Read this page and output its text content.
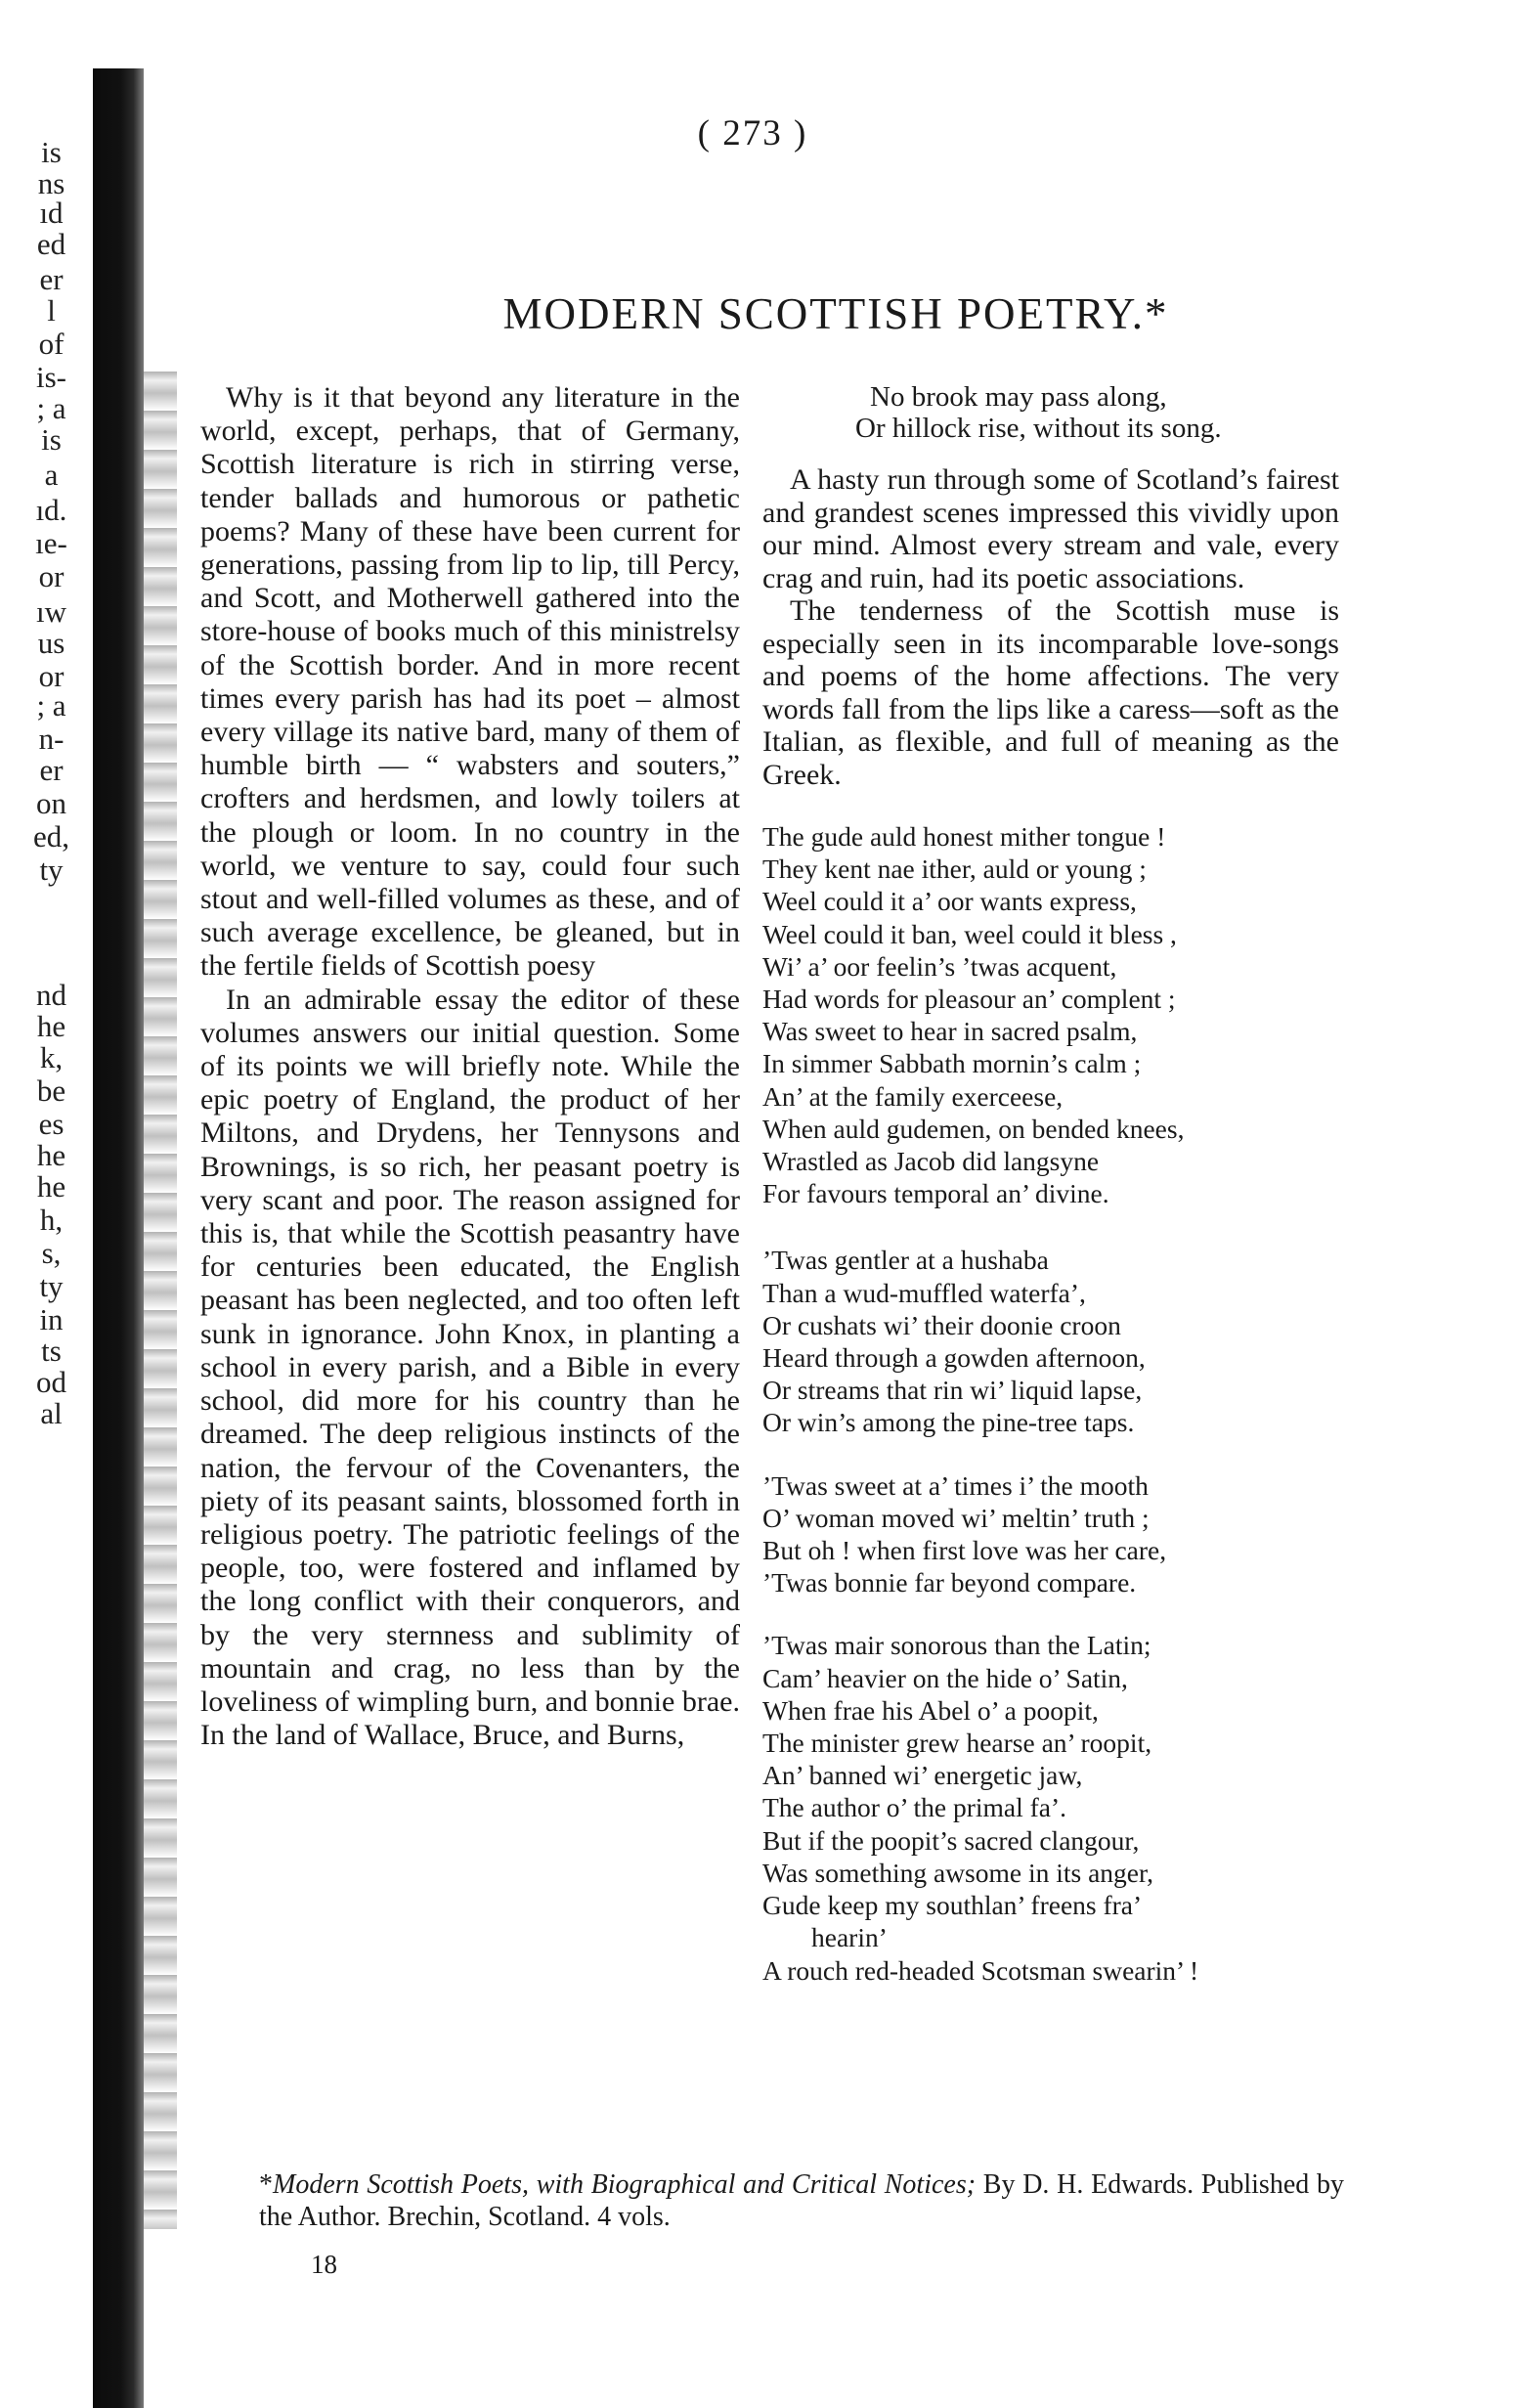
is
ns
ıd
ed
er
l
of
is-
; a
is
a
ıd.
ıe-
or
ıw
us
or
; a
n-
er
on
ed,
ty
nd
he
k,
be
es
he
he
h,
s,
ty
in
ts
od
al
( 273 )
MODERN SCOTTISH POETRY.*

Why is it that beyond any literature in the world, except, perhaps, that of Germany, Scottish literature is rich in stirring verse, tender ballads and humorous or pathetic poems? Many of these have been current for generations, passing from lip to lip, till Percy, and Scott, and Motherwell gathered into the store-house of books much of this ministrelsy of the Scottish border. And in more recent times every parish has had its poet – almost every village its native bard, many of them of humble birth — “ wabsters and souters,” crofters and herdsmen, and lowly toilers at the plough or loom. In no country in the world, we venture to say, could four such stout and well-filled volumes as these, and of such average excellence, be gleaned, but in the fertile fields of Scottish poesy

In an admirable essay the editor of these volumes answers our initial question. Some of its points we will briefly note. While the epic poetry of England, the product of her Miltons, and Drydens, her Tennysons and Brownings, is so rich, her peasant poetry is very scant and poor. The reason assigned for this is, that while the Scottish peasantry have for centuries been educated, the English peasant has been neglected, and too often left sunk in ignorance. John Knox, in planting a school in every parish, and a Bible in every school, did more for his country than he dreamed. The deep religious instincts of the nation, the fervour of the Covenanters, the piety of its peasant saints, blossomed forth in religious poetry. The patriotic feelings of the people, too, were fostered and inflamed by the long conflict with their conquerors, and by the very sternness and sublimity of mountain and crag, no less than by the loveliness of wimpling burn, and bonnie brae. In the land of Wallace, Bruce, and Burns,

No brook may pass along,
Or hillock rise, without its song.

A hasty run through some of Scotland’s fairest and grandest scenes impressed this vividly upon our mind. Almost every stream and vale, every crag and ruin, had its poetic associations.

The tenderness of the Scottish muse is especially seen in its incomparable love-songs and poems of the home affections. The very words fall from the lips like a caress—soft as the Italian, as flexible, and full of meaning as the Greek.

The gude auld honest mither tongue !
They kent nae ither, auld or young ;
Weel could it a’ oor wants express,
Weel could it ban, weel could it bless ,
Wi’ a’ oor feelin’s ’twas acquent,
Had words for pleasour an’ complent ;
Was sweet to hear in sacred psalm,
In simmer Sabbath mornin’s calm ;
An’ at the family exerceese,
When auld gudemen, on bended knees,
Wrastled as Jacob did langsyne
For favours temporal an’ divine.
’Twas gentler at a hushaba
Than a wud-muffled waterfa’,
Or cushats wi’ their doonie croon
Heard through a gowden afternoon,
Or streams that rin wi’ liquid lapse,
Or win’s among the pine-tree taps.
’Twas sweet at a’ times i’ the mooth
O’ woman moved wi’ meltin’ truth ;
But oh ! when first love was her care,
’Twas bonnie far beyond compare.
’Twas mair sonorous than the Latin;
Cam’ heavier on the hide o’ Satin,
When frae his Abel o’ a poopit,
The minister grew hearse an’ roopit,
An’ banned wi’ energetic jaw,
The author o’ the primal fa’.
But if the poopit’s sacred clangour,
Was something awsome in its anger,
Gude keep my southlan’ freens fra’
hearin’
A rouch red-headed Scotsman swearin’ !
*Modern Scottish Poets, with Biographical and Critical Notices; By D. H. Edwards. Published by the Author. Brechin, Scotland. 4 vols.
18
